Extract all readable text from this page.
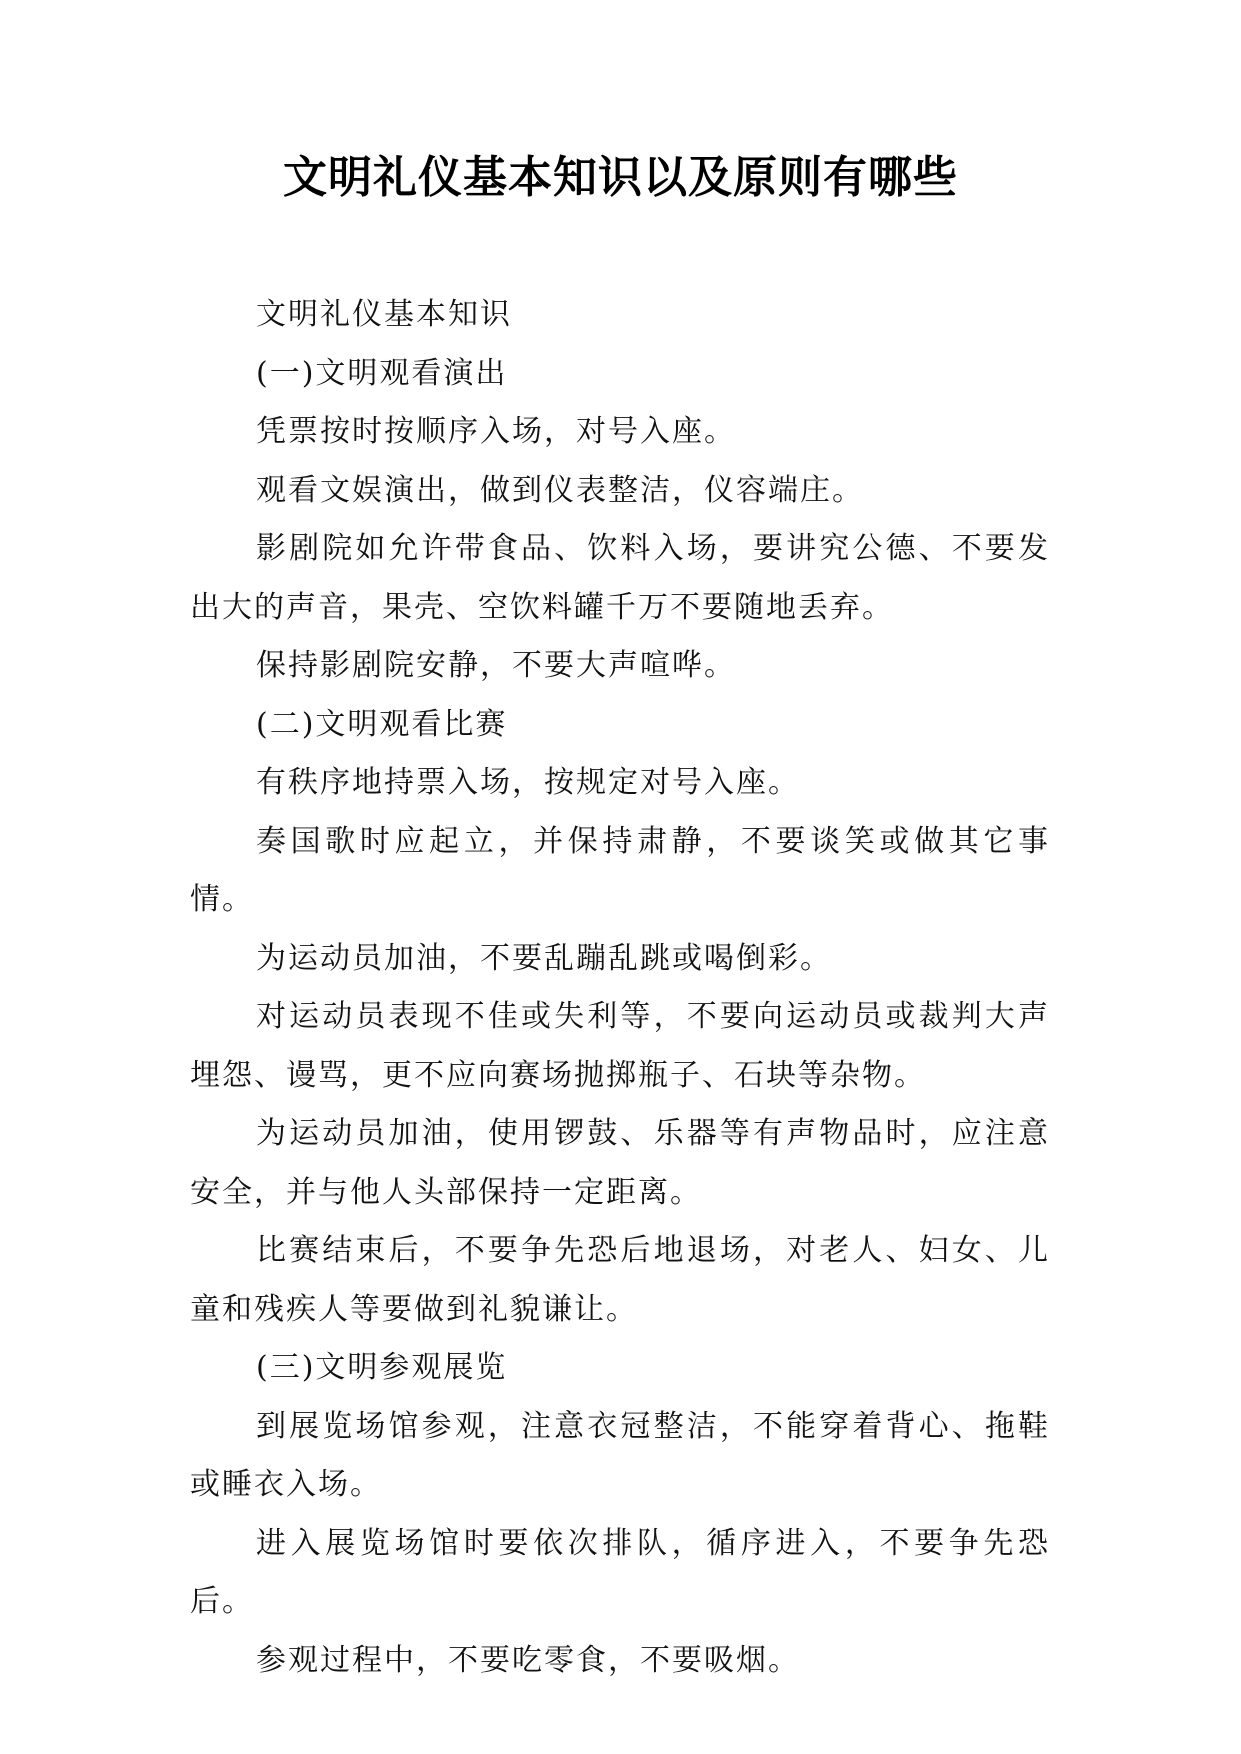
文明礼仪基本知识以及原则有哪些

文明礼仪基本知识

(一)文明观看演出

凭票按时按顺序入场，对号入座。

观看文娱演出，做到仪表整洁，仪容端庄。

影剧院如允许带食品、饮料入场，要讲究公德、不要发出大的声音，果壳、空饮料罐千万不要随地丢弃。

保持影剧院安静，不要大声喧哗。

(二)文明观看比赛

有秩序地持票入场，按规定对号入座。

奏国歌时应起立，并保持肃静，不要谈笑或做其它事情。

为运动员加油，不要乱蹦乱跳或喝倒彩。

对运动员表现不佳或失利等，不要向运动员或裁判大声埋怨、谩骂，更不应向赛场抛掷瓶子、石块等杂物。

为运动员加油，使用锣鼓、乐器等有声物品时，应注意安全，并与他人头部保持一定距离。

比赛结束后，不要争先恐后地退场，对老人、妇女、儿童和残疾人等要做到礼貌谦让。

(三)文明参观展览

到展览场馆参观，注意衣冠整洁，不能穿着背心、拖鞋或睡衣入场。

进入展览场馆时要依次排队，循序进入，不要争先恐后。

参观过程中，不要吃零食，不要吸烟。
